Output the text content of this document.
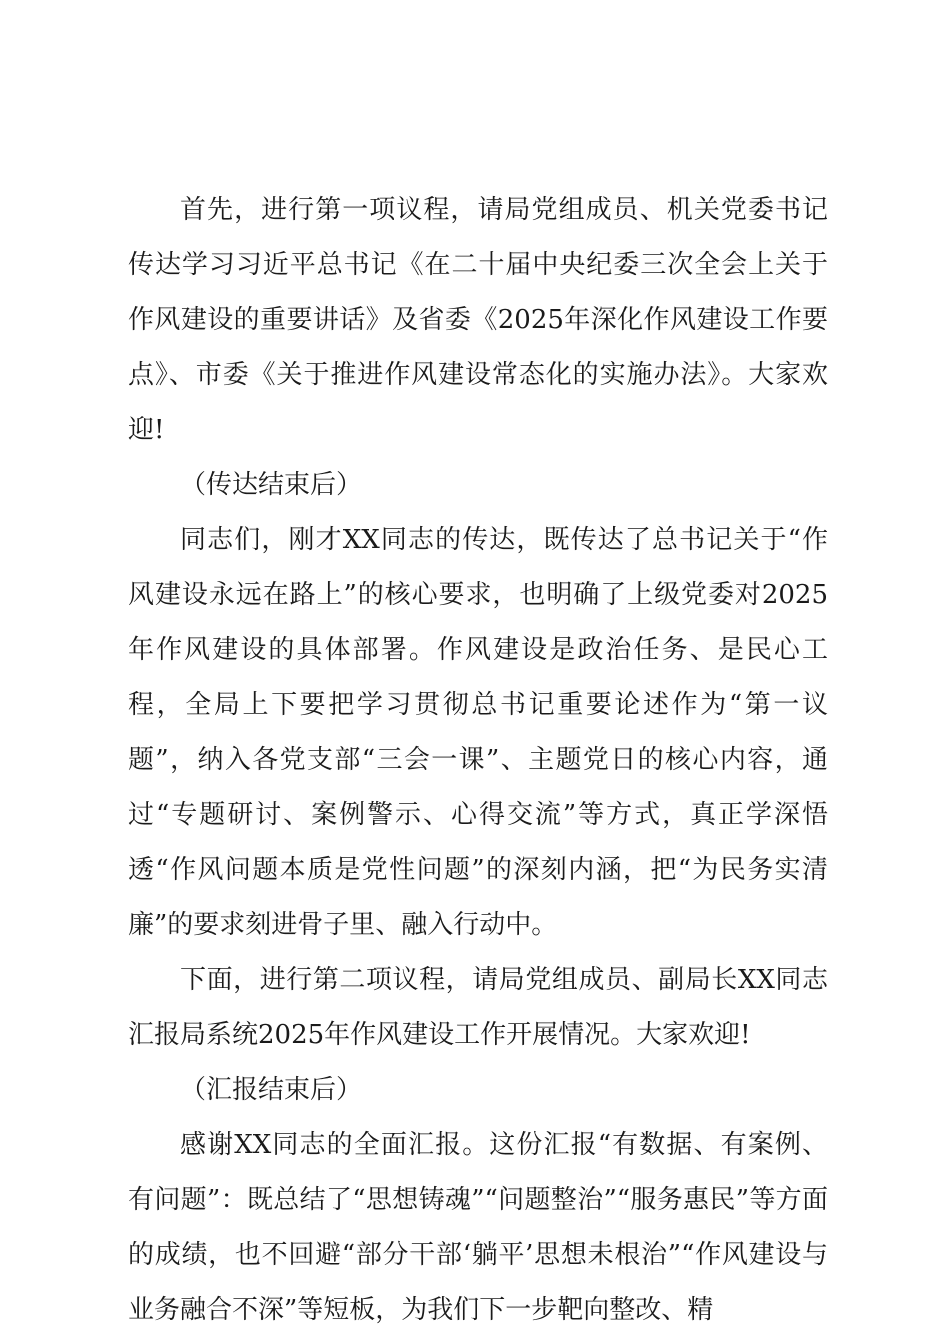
首先，进行第一项议程，请局党组成员、机关党委书记传达学习习近平总书记《在二十届中央纪委三次全会上关于作风建设的重要讲话》及省委《2025年深化作风建设工作要点》、市委《关于推进作风建设常态化的实施办法》。大家欢迎!

（传达结束后）

同志们，刚才XX同志的传达，既传达了总书记关于“作风建设永远在路上”的核心要求，也明确了上级党委对2025年作风建设的具体部署。作风建设是政治任务、是民心工程，全局上下要把学习贯彻总书记重要论述作为“第一议题”，纳入各党支部“三会一课”、主题党日的核心内容，通过“专题研讨、案例警示、心得交流”等方式，真正学深悟透“作风问题本质是党性问题”的深刻内涵，把“为民务实清廉”的要求刻进骨子里、融入行动中。

下面，进行第二项议程，请局党组成员、副局长XX同志汇报局系统2025年作风建设工作开展情况。大家欢迎!

（汇报结束后）

感谢XX同志的全面汇报。这份汇报“有数据、有案例、有问题”：既总结了“思想铸魂”“问题整治”“服务惠民”等方面的成绩，也不回避“部分干部‘躺平’思想未根治”“作风建设与业务融合不深”等短板，为我们下一步靶向整改、精
